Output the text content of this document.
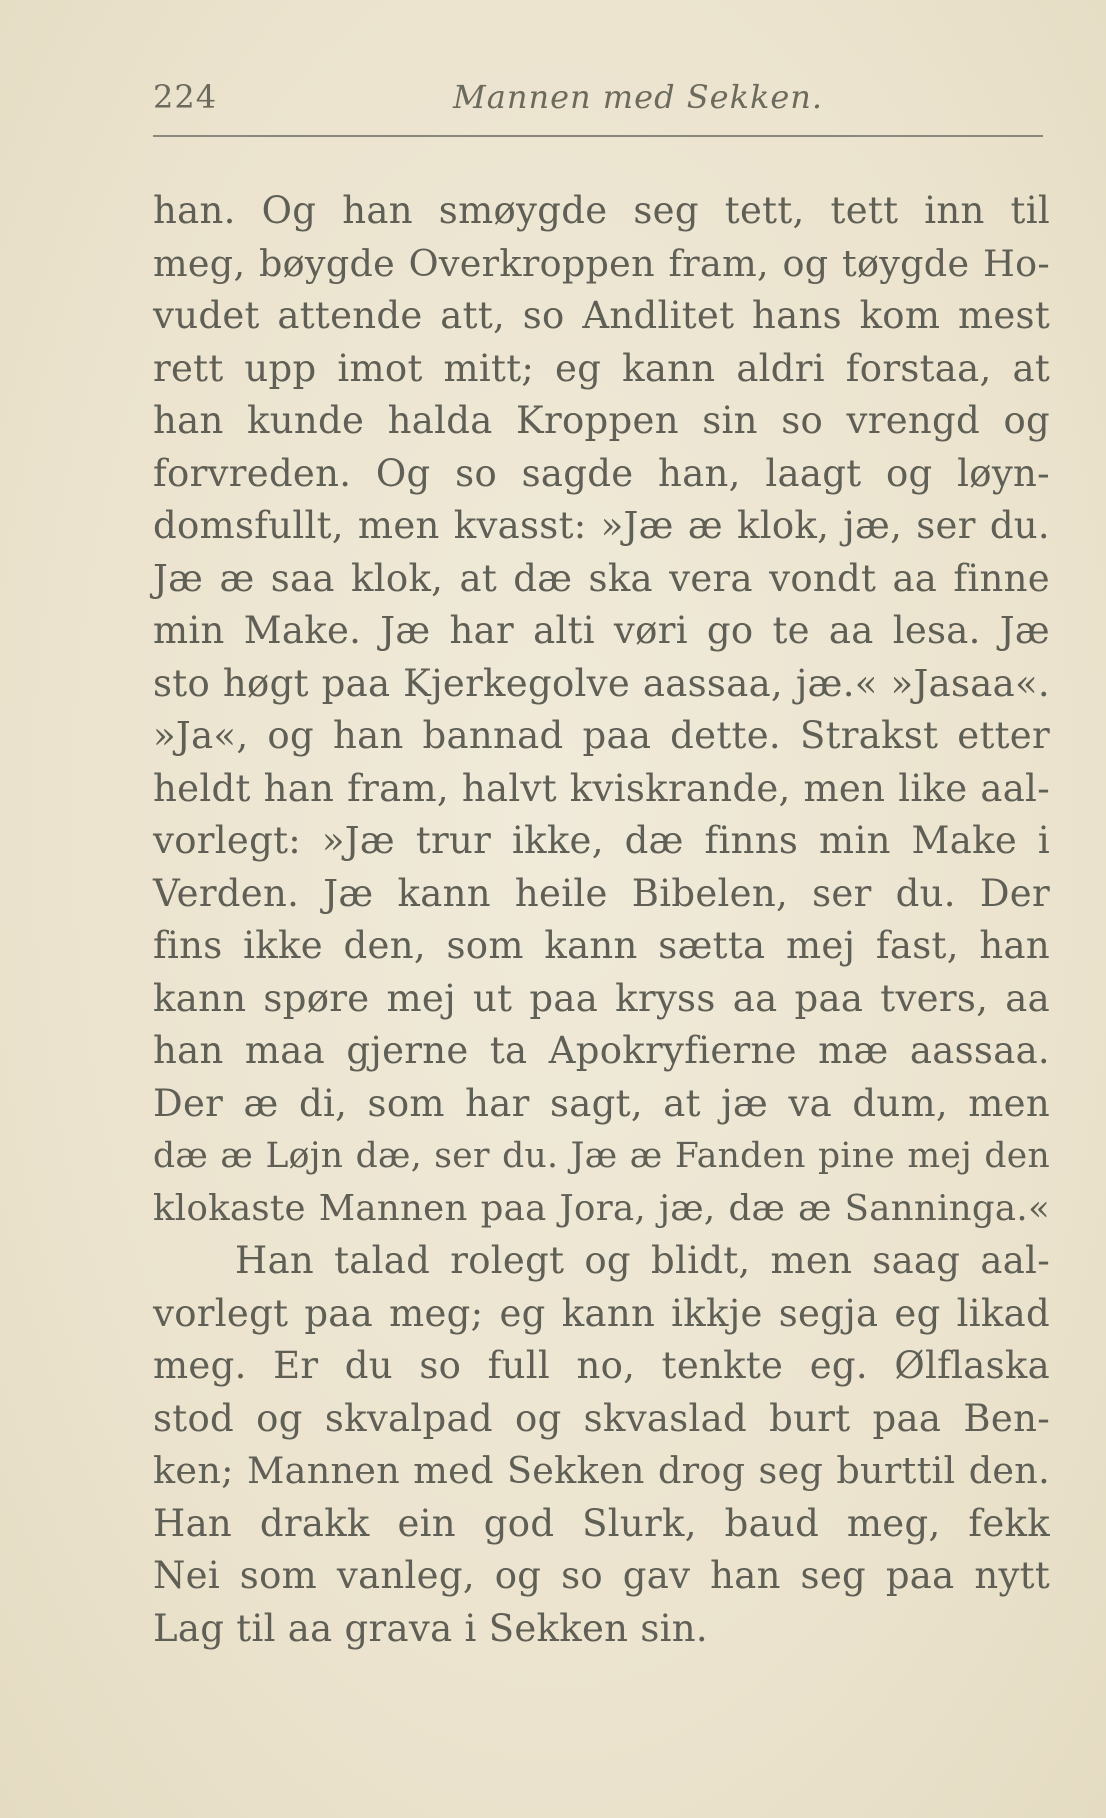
224	Mannen med Sekken.
han. Og han smøygde seg tett, tett inn til
meg, bøygde Overkroppen fram, og tøygde Ho-
vudet attende att, so Andlitet hans kom mest
rett upp imot mitt; eg kann aldri forstaa, at
han kunde halda Kroppen sin so vrengd og
forvreden. Og so sagde han, laagt og løyn-
domsfullt, men kvasst: »Jæ æ klok, jæ, ser du.
Jæ æ saa klok, at dæ ska vera vondt aa finne
min Make. Jæ har alti vøri go te aa lesa. Jæ
sto høgt paa Kjerkegolve aassaa, jæ.« »Jasaa«.
»Ja«, og han bannad paa dette. Strakst etter
heldt han fram, halvt kviskrande, men like aal-
vorlegt: »Jæ trur ikke, dæ finns min Make i
Verden. Jæ kann heile Bibelen, ser du. Der
fins ikke den, som kann sætta mej fast, han
kann spøre mej ut paa kryss aa paa tvers, aa
han maa gjerne ta Apokryfierne mæ aassaa.
Der æ di, som har sagt, at jæ va dum, men
dæ æ Løjn dæ, ser du. Jæ æ Fanden pine mej den
klokaste Mannen paa Jora, jæ, dæ æ Sanninga.«
Han talad rolegt og blidt, men saag aal-
vorlegt paa meg; eg kann ikkje segja eg likad
meg. Er du so full no, tenkte eg. Ølflaska
stod og skvalpad og skvaslad burt paa Ben-
ken; Mannen med Sekken drog seg burttil den.
Han drakk ein god Slurk, baud meg, fekk
Nei som vanleg, og so gav han seg paa nytt
Lag til aa grava i Sekken sin.
